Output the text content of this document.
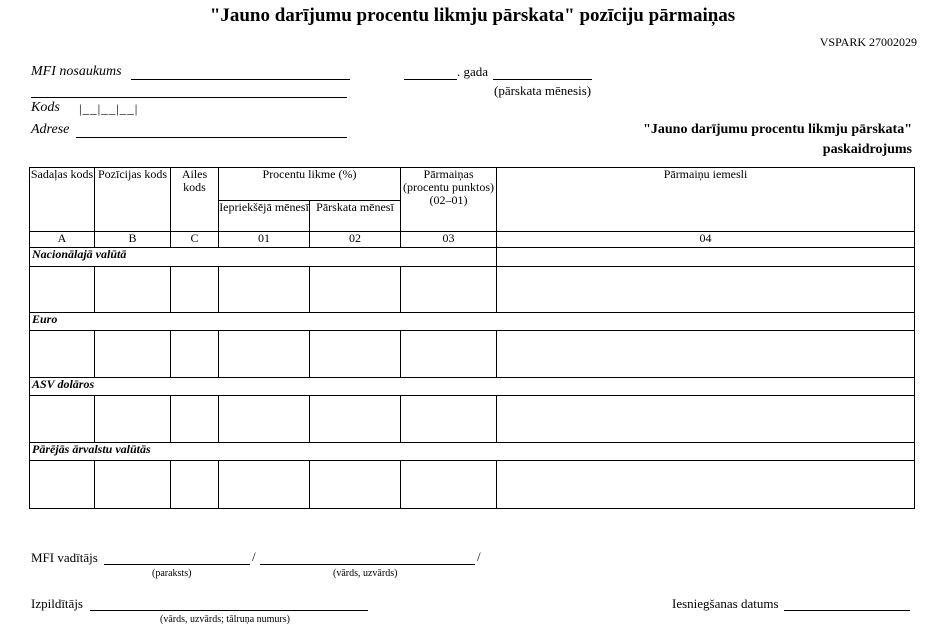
"Jauno darījumu procentu likmju pārskata" pozīciju pārmaiņas
VSPARK 27002029
MFI nosaukums	. gada
(pārskata mēnesis)
Kods |__|__|__|
Adrese	"Jauno darījumu procentu likmju pārskata"
paskaidrojums
Sadaļas kods	Pozīcijas kods	Ailes kods	Procentu likme (%)		Pārmaiņas (procentu punktos) (02–01)	Pārmaiņu iemesli
			Iepriekšējā mēnesī	Pārskata mēnesī		
A	B	C	01	02	03	04
Nacionālajā valūtā						

Euro						

ASV dolāros						

Pārējās ārvalstu valūtās						

MFI vadītājs	/	/
(paraksts)	(vārds, uzvārds)
Izpildītājs
(vārds, uzvārds; tālruņa numurs)
Iesniegšanas datums
